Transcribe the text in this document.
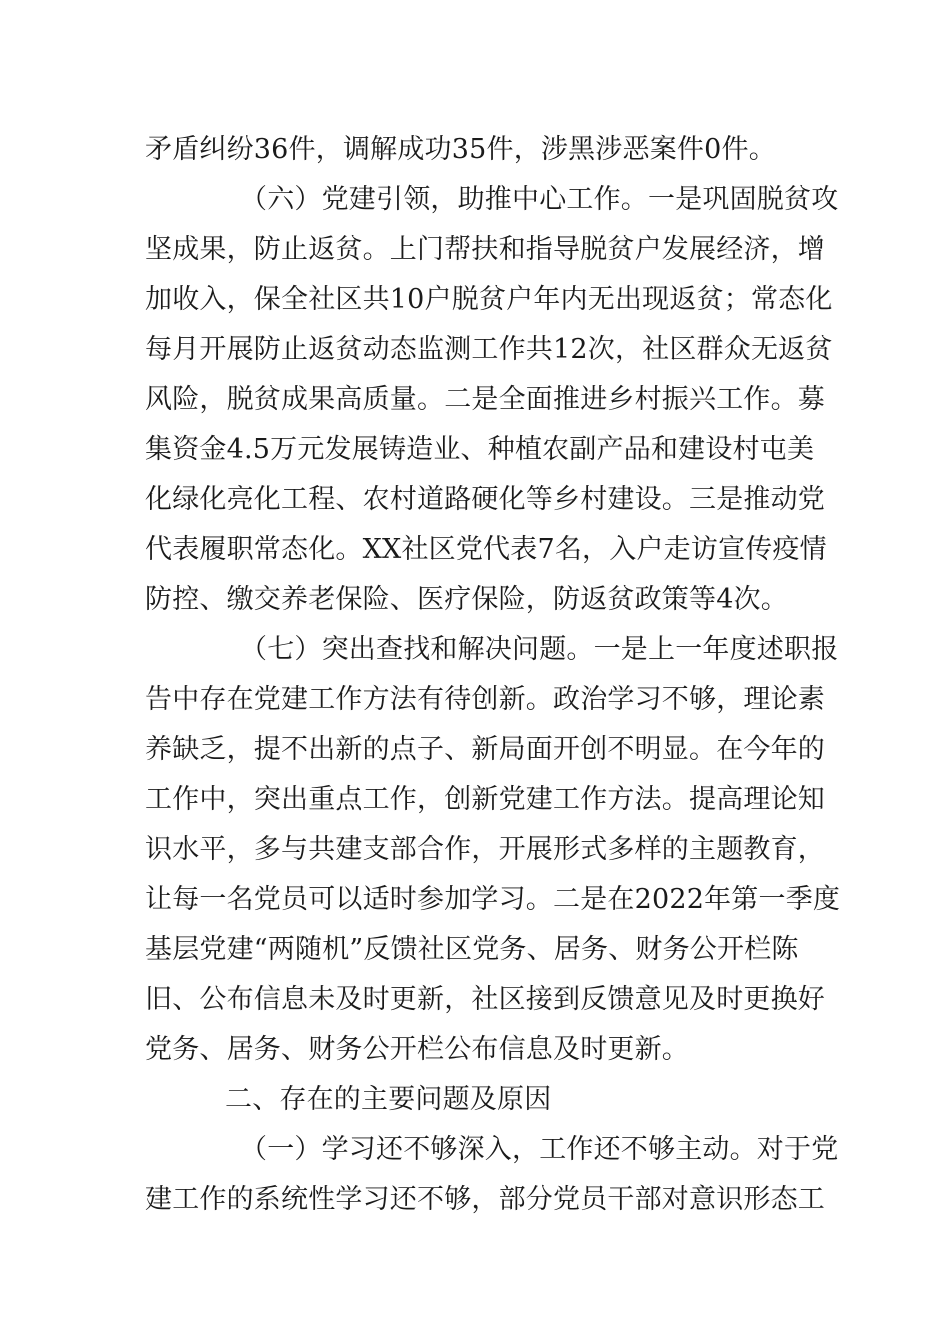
矛盾纠纷36件，调解成功35件，涉黑涉恶案件0件。
（六）党建引领，助推中心工作。一是巩固脱贫攻
坚成果，防止返贫。上门帮扶和指导脱贫户发展经济，增
加收入，保全社区共10户脱贫户年内无出现返贫；常态化
每月开展防止返贫动态监测工作共12次，社区群众无返贫
风险，脱贫成果高质量。二是全面推进乡村振兴工作。募
集资金4.5万元发展铸造业、种植农副产品和建设村屯美
化绿化亮化工程、农村道路硬化等乡村建设。三是推动党
代表履职常态化。XX社区党代表7名，入户走访宣传疫情
防控、缴交养老保险、医疗保险，防返贫政策等4次。
（七）突出查找和解决问题。一是上一年度述职报
告中存在党建工作方法有待创新。政治学习不够，理论素
养缺乏，提不出新的点子、新局面开创不明显。在今年的
工作中，突出重点工作，创新党建工作方法。提高理论知
识水平，多与共建支部合作，开展形式多样的主题教育，
让每一名党员可以适时参加学习。二是在2022年第一季度
基层党建“两随机”反馈社区党务、居务、财务公开栏陈
旧、公布信息未及时更新，社区接到反馈意见及时更换好
党务、居务、财务公开栏公布信息及时更新。
二、存在的主要问题及原因
（一）学习还不够深入，工作还不够主动。对于党
建工作的系统性学习还不够，部分党员干部对意识形态工
